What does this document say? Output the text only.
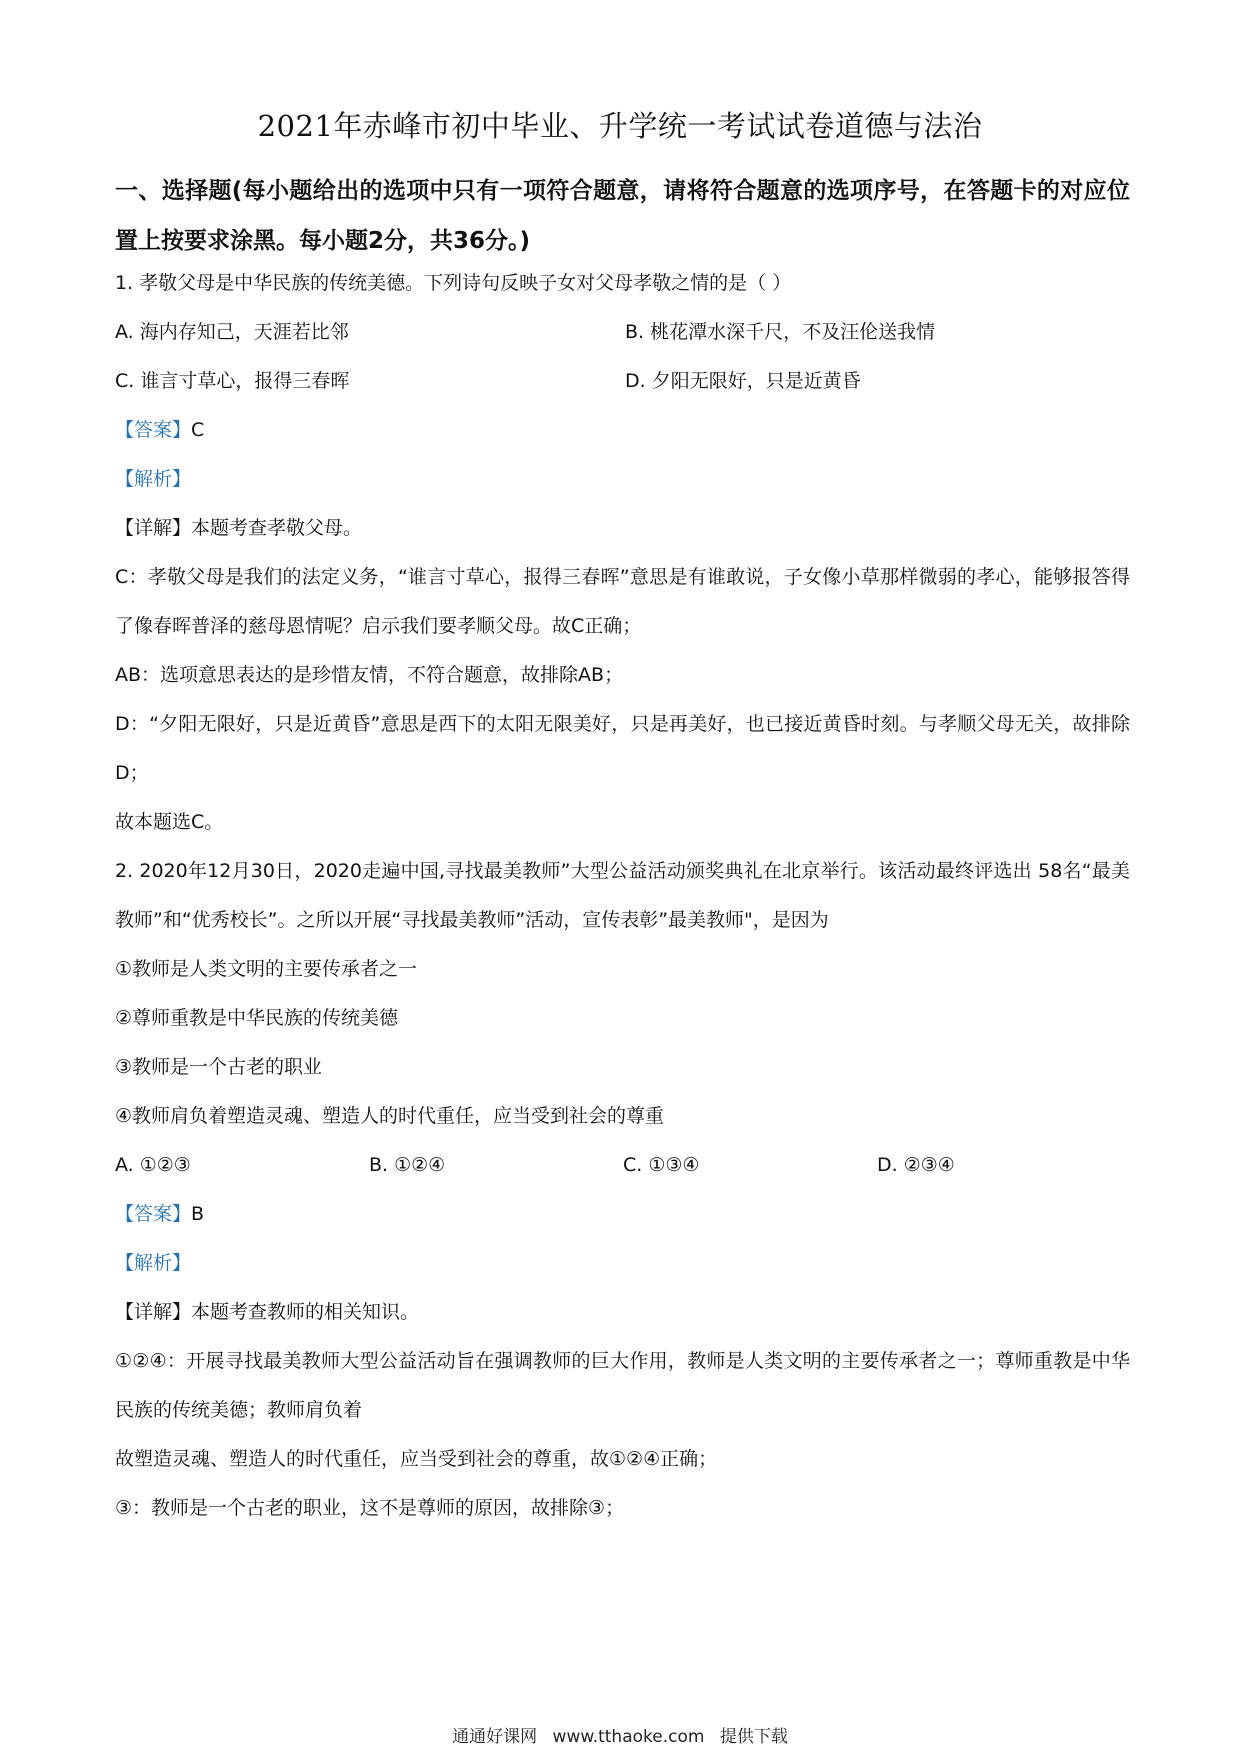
2021年赤峰市初中毕业、升学统一考试试卷道德与法治
一、选择题(每小题给出的选项中只有一项符合题意，请将符合题意的选项序号，在答题卡的对应位置上按要求涂黑。每小题2分，共36分。)
1. 孝敬父母是中华民族的传统美德。下列诗句反映子女对父母孝敬之情的是（ ）
A. 海内存知己，天涯若比邻	B. 桃花潭水深千尺，不及汪伦送我情
C. 谁言寸草心，报得三春晖	D. 夕阳无限好，只是近黄昏
【答案】C
【解析】
【详解】本题考查孝敬父母。
C：孝敬父母是我们的法定义务，“谁言寸草心，报得三春晖”意思是有谁敢说，子女像小草那样微弱的孝心，能够报答得了像春晖普泽的慈母恩情呢？启示我们要孝顺父母。故C正确；
AB：选项意思表达的是珍惜友情，不符合题意，故排除AB；
D：“夕阳无限好，只是近黄昏”意思是西下的太阳无限美好，只是再美好，也已接近黄昏时刻。与孝顺父母无关，故排除D；
故本题选C。
2. 2020年12月30日，2020走遍中国,寻找最美教师”大型公益活动颁奖典礼在北京举行。该活动最终评选出 58名“最美教师”和“优秀校长”。之所以开展“寻找最美教师”活动，宣传表彰”最美教师"，是因为
①教师是人类文明的主要传承者之一
②尊师重教是中华民族的传统美德
③教师是一个古老的职业
④教师肩负着塑造灵魂、塑造人的时代重任，应当受到社会的尊重
A. ①②③	B. ①②④	C. ①③④	D. ②③④
【答案】B
【解析】
【详解】本题考查教师的相关知识。
①②④：开展寻找最美教师大型公益活动旨在强调教师的巨大作用，教师是人类文明的主要传承者之一；尊师重教是中华民族的传统美德；教师肩负着
故塑造灵魂、塑造人的时代重任，应当受到社会的尊重，故①②④正确；
③：教师是一个古老的职业，这不是尊师的原因，故排除③；
通通好课网 www.tthaoke.com 提供下载
